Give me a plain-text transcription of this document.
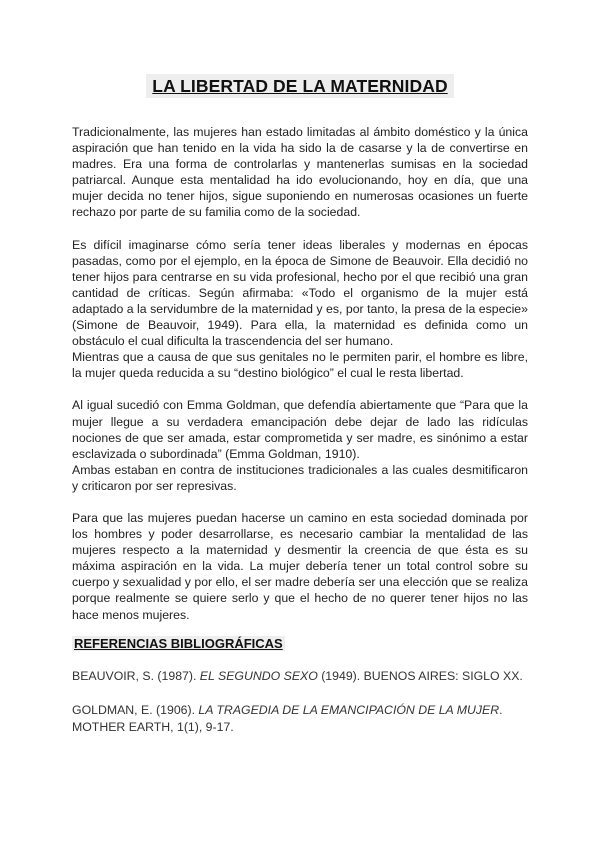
LA LIBERTAD DE LA MATERNIDAD

Tradicionalmente, las mujeres han estado limitadas al ámbito doméstico y la única aspiración que han tenido en la vida ha sido la de casarse y la de convertirse en madres. Era una forma de controlarlas y mantenerlas sumisas en la sociedad patriarcal. Aunque esta mentalidad ha ido evolucionando, hoy en día, que una mujer decida no tener hijos, sigue suponiendo en numerosas ocasiones un fuerte rechazo por parte de su familia como de la sociedad.

Es difícil imaginarse cómo sería tener ideas liberales y modernas en épocas pasadas, como por el ejemplo, en la época de Simone de Beauvoir. Ella decidió no tener hijos para centrarse en su vida profesional, hecho por el que recibió una gran cantidad de críticas. Según afirmaba: «Todo el organismo de la mujer está adaptado a la servidumbre de la maternidad y es, por tanto, la presa de la especie» (Simone de Beauvoir, 1949). Para ella, la maternidad es definida como un obstáculo el cual dificulta la trascendencia del ser humano.

Mientras que a causa de que sus genitales no le permiten parir, el hombre es libre, la mujer queda reducida a su “destino biológico” el cual le resta libertad.

Al igual sucedió con Emma Goldman, que defendía abiertamente que “Para que la mujer llegue a su verdadera emancipación debe dejar de lado las ridículas nociones de que ser amada, estar comprometida y ser madre, es sinónimo a estar esclavizada o subordinada” (Emma Goldman, 1910).

Ambas estaban en contra de instituciones tradicionales a las cuales desmitificaron y criticaron por ser represivas.

Para que las mujeres puedan hacerse un camino en esta sociedad dominada por los hombres y poder desarrollarse, es necesario cambiar la mentalidad de las mujeres respecto a la maternidad y desmentir la creencia de que ésta es su máxima aspiración en la vida. La mujer debería tener un total control sobre su cuerpo y sexualidad y por ello, el ser madre debería ser una elección que se realiza porque realmente se quiere serlo y que el hecho de no querer tener hijos no las hace menos mujeres.

REFERENCIAS BIBLIOGRÁFICAS
BEAUVOIR, S. (1987). EL SEGUNDO SEXO (1949). BUENOS AIRES: SIGLO XX.
GOLDMAN, E. (1906). LA TRAGEDIA DE LA EMANCIPACIÓN DE LA MUJER. MOTHER EARTH, 1(1), 9-17.
